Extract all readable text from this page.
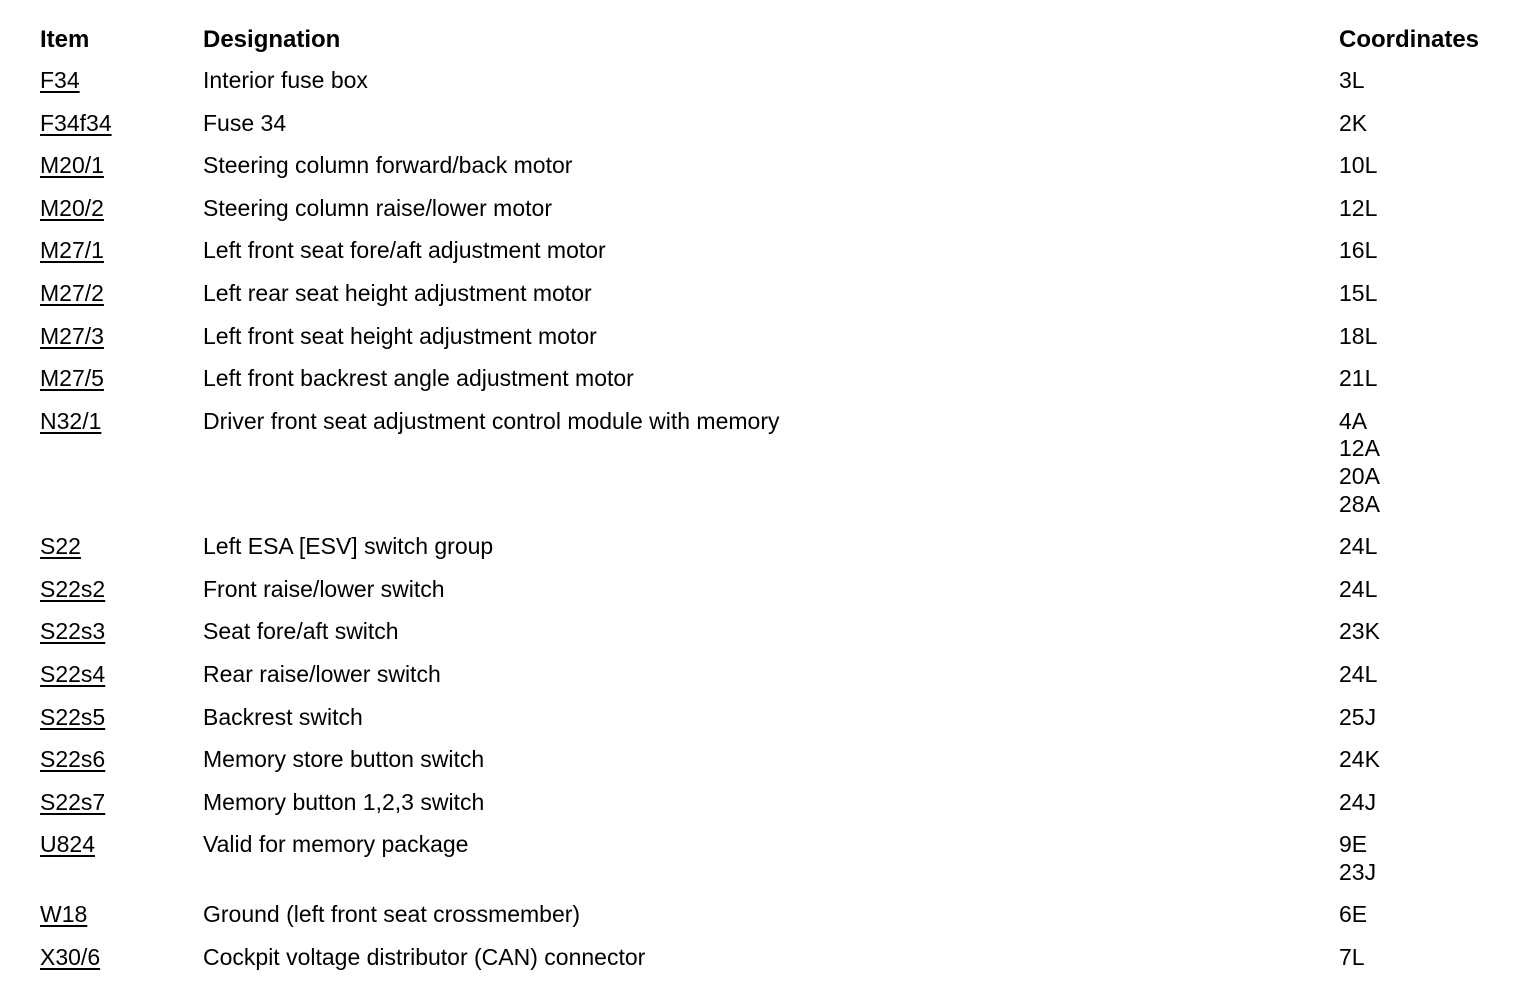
Item	Designation	Coordinates
F34	Interior fuse box	3L
F34f34	Fuse 34	2K
M20/1	Steering column forward/back motor	10L
M20/2	Steering column raise/lower motor	12L
M27/1	Left front seat fore/aft adjustment motor	16L
M27/2	Left rear seat height adjustment motor	15L
M27/3	Left front seat height adjustment motor	18L
M27/5	Left front backrest angle adjustment motor	21L
N32/1	Driver front seat adjustment control module with memory	4A
12A
20A
28A
S22	Left ESA [ESV] switch group	24L
S22s2	Front raise/lower switch	24L
S22s3	Seat fore/aft switch	23K
S22s4	Rear raise/lower switch	24L
S22s5	Backrest switch	25J
S22s6	Memory store button switch	24K
S22s7	Memory button 1,2,3 switch	24J
U824	Valid for memory package	9E
23J
W18	Ground (left front seat crossmember)	6E
X30/6	Cockpit voltage distributor (CAN) connector	7L
